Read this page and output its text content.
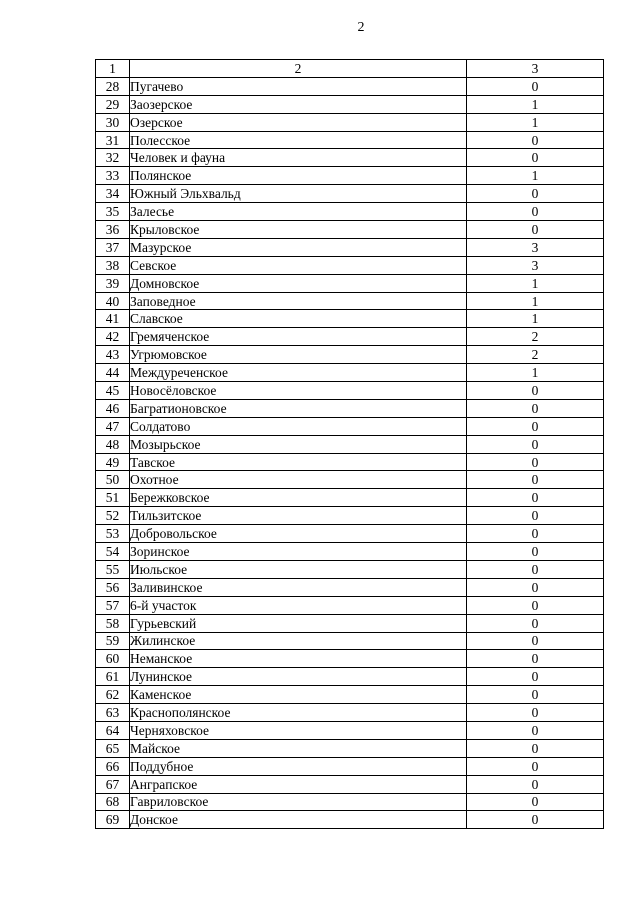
2
1	2	3
28	Пугачево	0
29	Заозерское	1
30	Озерское	1
31	Полесское	0
32	Человек и фауна	0
33	Полянское	1
34	Южный Эльхвальд	0
35	Залесье	0
36	Крыловское	0
37	Мазурское	3
38	Севское	3
39	Домновское	1
40	Заповедное	1
41	Славское	1
42	Гремяченское	2
43	Угрюмовское	2
44	Междуреченское	1
45	Новосёловское	0
46	Багратионовское	0
47	Солдатово	0
48	Мозырьское	0
49	Тавское	0
50	Охотное	0
51	Бережковское	0
52	Тильзитское	0
53	Добровольское	0
54	Зоринское	0
55	Июльское	0
56	Заливинское	0
57	6-й участок	0
58	Гурьевский	0
59	Жилинское	0
60	Неманское	0
61	Лунинское	0
62	Каменское	0
63	Краснополянское	0
64	Черняховское	0
65	Майское	0
66	Поддубное	0
67	Ангрaпское	0
68	Гавриловское	0
69	Донское	0
